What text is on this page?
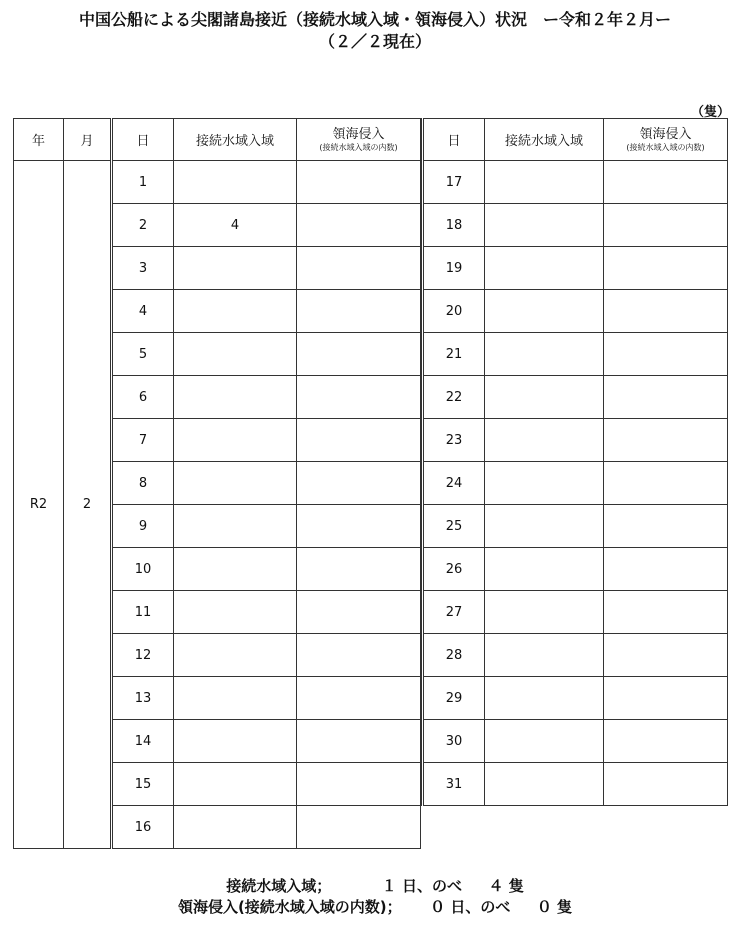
中国公船による尖閣諸島接近（接続水域入域・領海侵入）状況　ー令和２年２月ー
（２／２現在）
（隻）
年	月	日	接続水域入域	領海侵入
(接続水域入域の内数)

R2	2	1		
		2	4	
		3		
		4		
		5		
		6		
		7		
		8		
		9		
		10		
		11		
		12		
		13		
		14		
		15		
		16		
日	接続水域入域	領海侵入
(接続水域入域の内数)

17		
18		
19		
20		
21		
22		
23		
24		
25		
26		
27		
28		
29		
30		
31		
接続水域入域；	１ 日、のべ ４ 隻
領海侵入(接続水域入域の内数)； ０ 日、のべ ０ 隻
